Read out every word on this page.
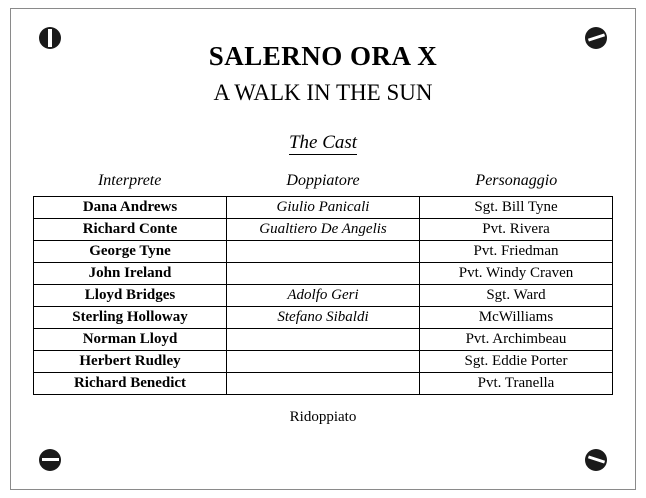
SALERNO ORA X
A WALK IN THE SUN
The Cast
Interprete	Doppiatore	Personaggio
Dana Andrews	Giulio Panicali	Sgt. Bill Tyne
Richard Conte	Gualtiero De Angelis	Pvt. Rivera
George Tyne		Pvt. Friedman
John Ireland		Pvt. Windy Craven
Lloyd Bridges	Adolfo Geri	Sgt. Ward
Sterling Holloway	Stefano Sibaldi	McWilliams
Norman Lloyd		Pvt. Archimbeau
Herbert Rudley		Sgt. Eddie Porter
Richard Benedict		Pvt. Tranella
Ridoppiato
